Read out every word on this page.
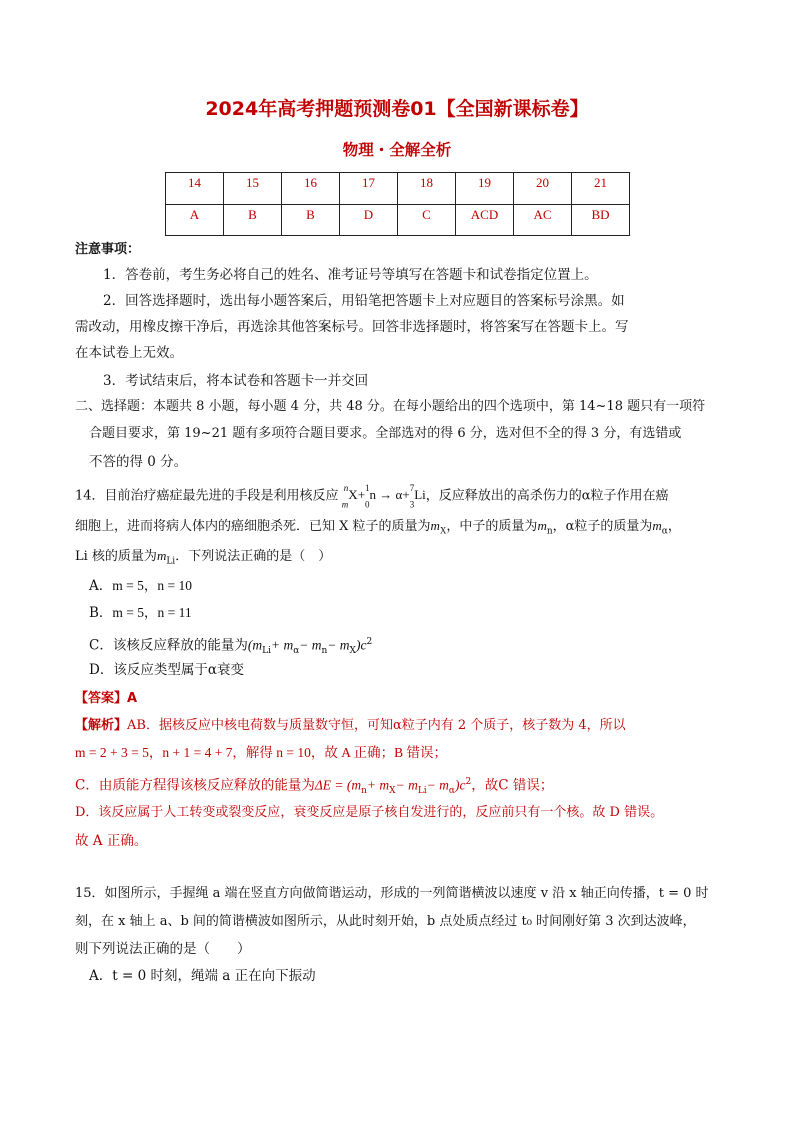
2024年高考押题预测卷01【全国新课标卷】
物理・全解全析
14	15	16	17	18	19	20	21
A	B	B	D	C	ACD	AC	BD
注意事项：
1．答卷前，考生务必将自己的姓名、准考证号等填写在答题卡和试卷指定位置上。
2．回答选择题时，选出每小题答案后，用铅笔把答题卡上对应题目的答案标号涂黑。如
需改动，用橡皮擦干净后，再选涂其他答案标号。回答非选择题时，将答案写在答题卡上。写
在本试卷上无效。
3．考试结束后，将本试卷和答题卡一并交回
二、选择题：本题共 8 小题，每小题 4 分，共 48 分。在每小题给出的四个选项中，第 14~18 题只有一项符
合题目要求，第 19~21 题有多项符合题目要求。全部选对的得 6 分，选对但不全的得 3 分，有选错或
不答的得 0 分。
14．目前治疗癌症最先进的手段是利用核反应 $^n$
$_m$X+$^1$
$_0$n → α+$^7$
$_3$Li，反应释放出的高杀伤力的α粒子作用在癌
细胞上，进而将病人体内的癌细胞杀死．已知 X 粒子的质量为$m_X$，中子的质量为$m_n$，α粒子的质量为$m_\alpha$，
Li 核的质量为$m_{Li}$．下列说法正确的是（　）
A．m = 5，n = 10
B．m = 5，n = 11
C．该核反应释放的能量为$(m_{Li}+ m_\alpha- m_n- m_X)c^2$
D．该反应类型属于α衰变
【答案】A
【解析】AB．据核反应中核电荷数与质量数守恒，可知α粒子内有 2 个质子，核子数为 4，所以
m = 2 + 3 = 5，n + 1 = 4 + 7，解得 n = 10，故 A 正确；B 错误；
C．由质能方程得该核反应释放的能量为$\Delta E = (m_n+ m_X- m_{Li}- m_\alpha)c^2$，故C 错误；
D．该反应属于人工转变或裂变反应，衰变反应是原子核自发进行的，反应前只有一个核。故 D 错误。
故 A 正确。
15．如图所示，手握绳 a 端在竖直方向做简谐运动，形成的一列简谐横波以速度 v 沿 x 轴正向传播，t = 0 时
刻，在 x 轴上 a、b 间的简谐横波如图所示，从此时刻开始，b 点处质点经过 t₀ 时间刚好第 3 次到达波峰，
则下列说法正确的是（　　）
A．t = 0 时刻，绳端 a 正在向下振动
